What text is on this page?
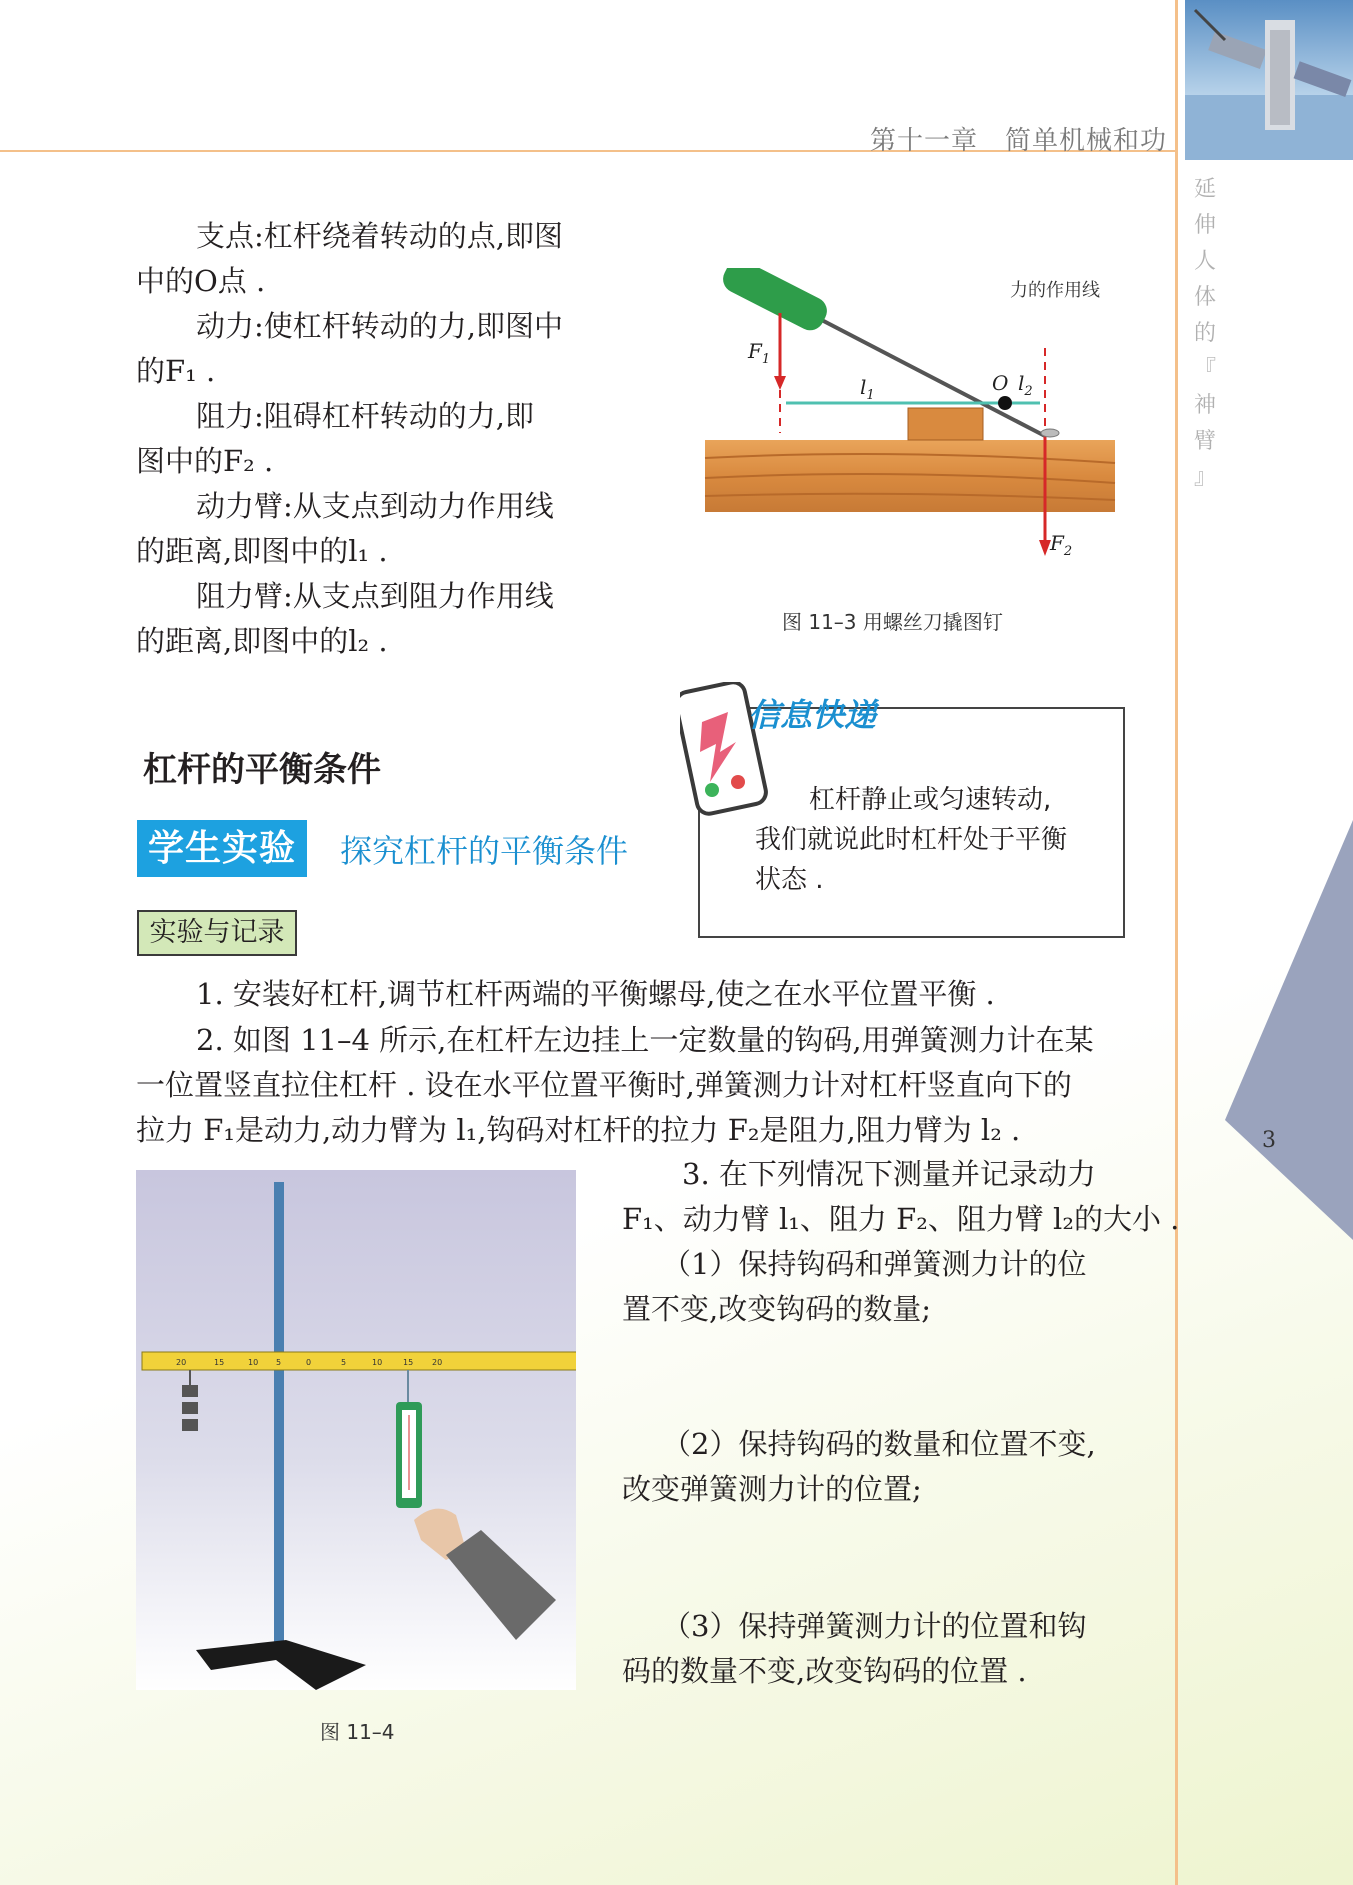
第十一章　简单机械和功
延
伸
人
体
的
『
神
臂
』
3
支点:杠杆绕着转动的点,即图
中的O点 .
动力:使杠杆转动的力,即图中
的F₁ .
阻力:阻碍杠杆转动的力,即
图中的F₂ .
动力臂:从支点到动力作用线
的距离,即图中的l₁ .
阻力臂:从支点到阻力作用线
的距离,即图中的l₂ .
力的作用线
$F_1$
$F_2$
O
$l_1$
$l_2$
图 11–3 用螺丝刀撬图钉
杠杆的平衡条件
学生实验	探究杠杆的平衡条件
实验与记录
信息快递

杠杆静止或匀速转动,

我们就说此时杠杆处于平衡

状态 .

1. 安装好杠杆,调节杠杆两端的平衡螺母,使之在水平位置平衡 .
2. 如图 11–4 所示,在杠杆左边挂上一定数量的钩码,用弹簧测力计在某
一位置竖直拉住杠杆 . 设在水平位置平衡时,弹簧测力计对杠杆竖直向下的
拉力 F₁是动力,动力臂为 l₁,钩码对杠杆的拉力 F₂是阻力,阻力臂为 l₂ .
3. 在下列情况下测量并记录动力
F₁、动力臂 l₁、阻力 F₂、阻力臂 l₂的大小 .
（1）保持钩码和弹簧测力计的位
置不变,改变钩码的数量;
（2）保持钩码的数量和位置不变,
改变弹簧测力计的位置;
（3）保持弹簧测力计的位置和钩
码的数量不变,改变钩码的位置 .
20	15	10 5	0	5	10	15 20
图 11–4
